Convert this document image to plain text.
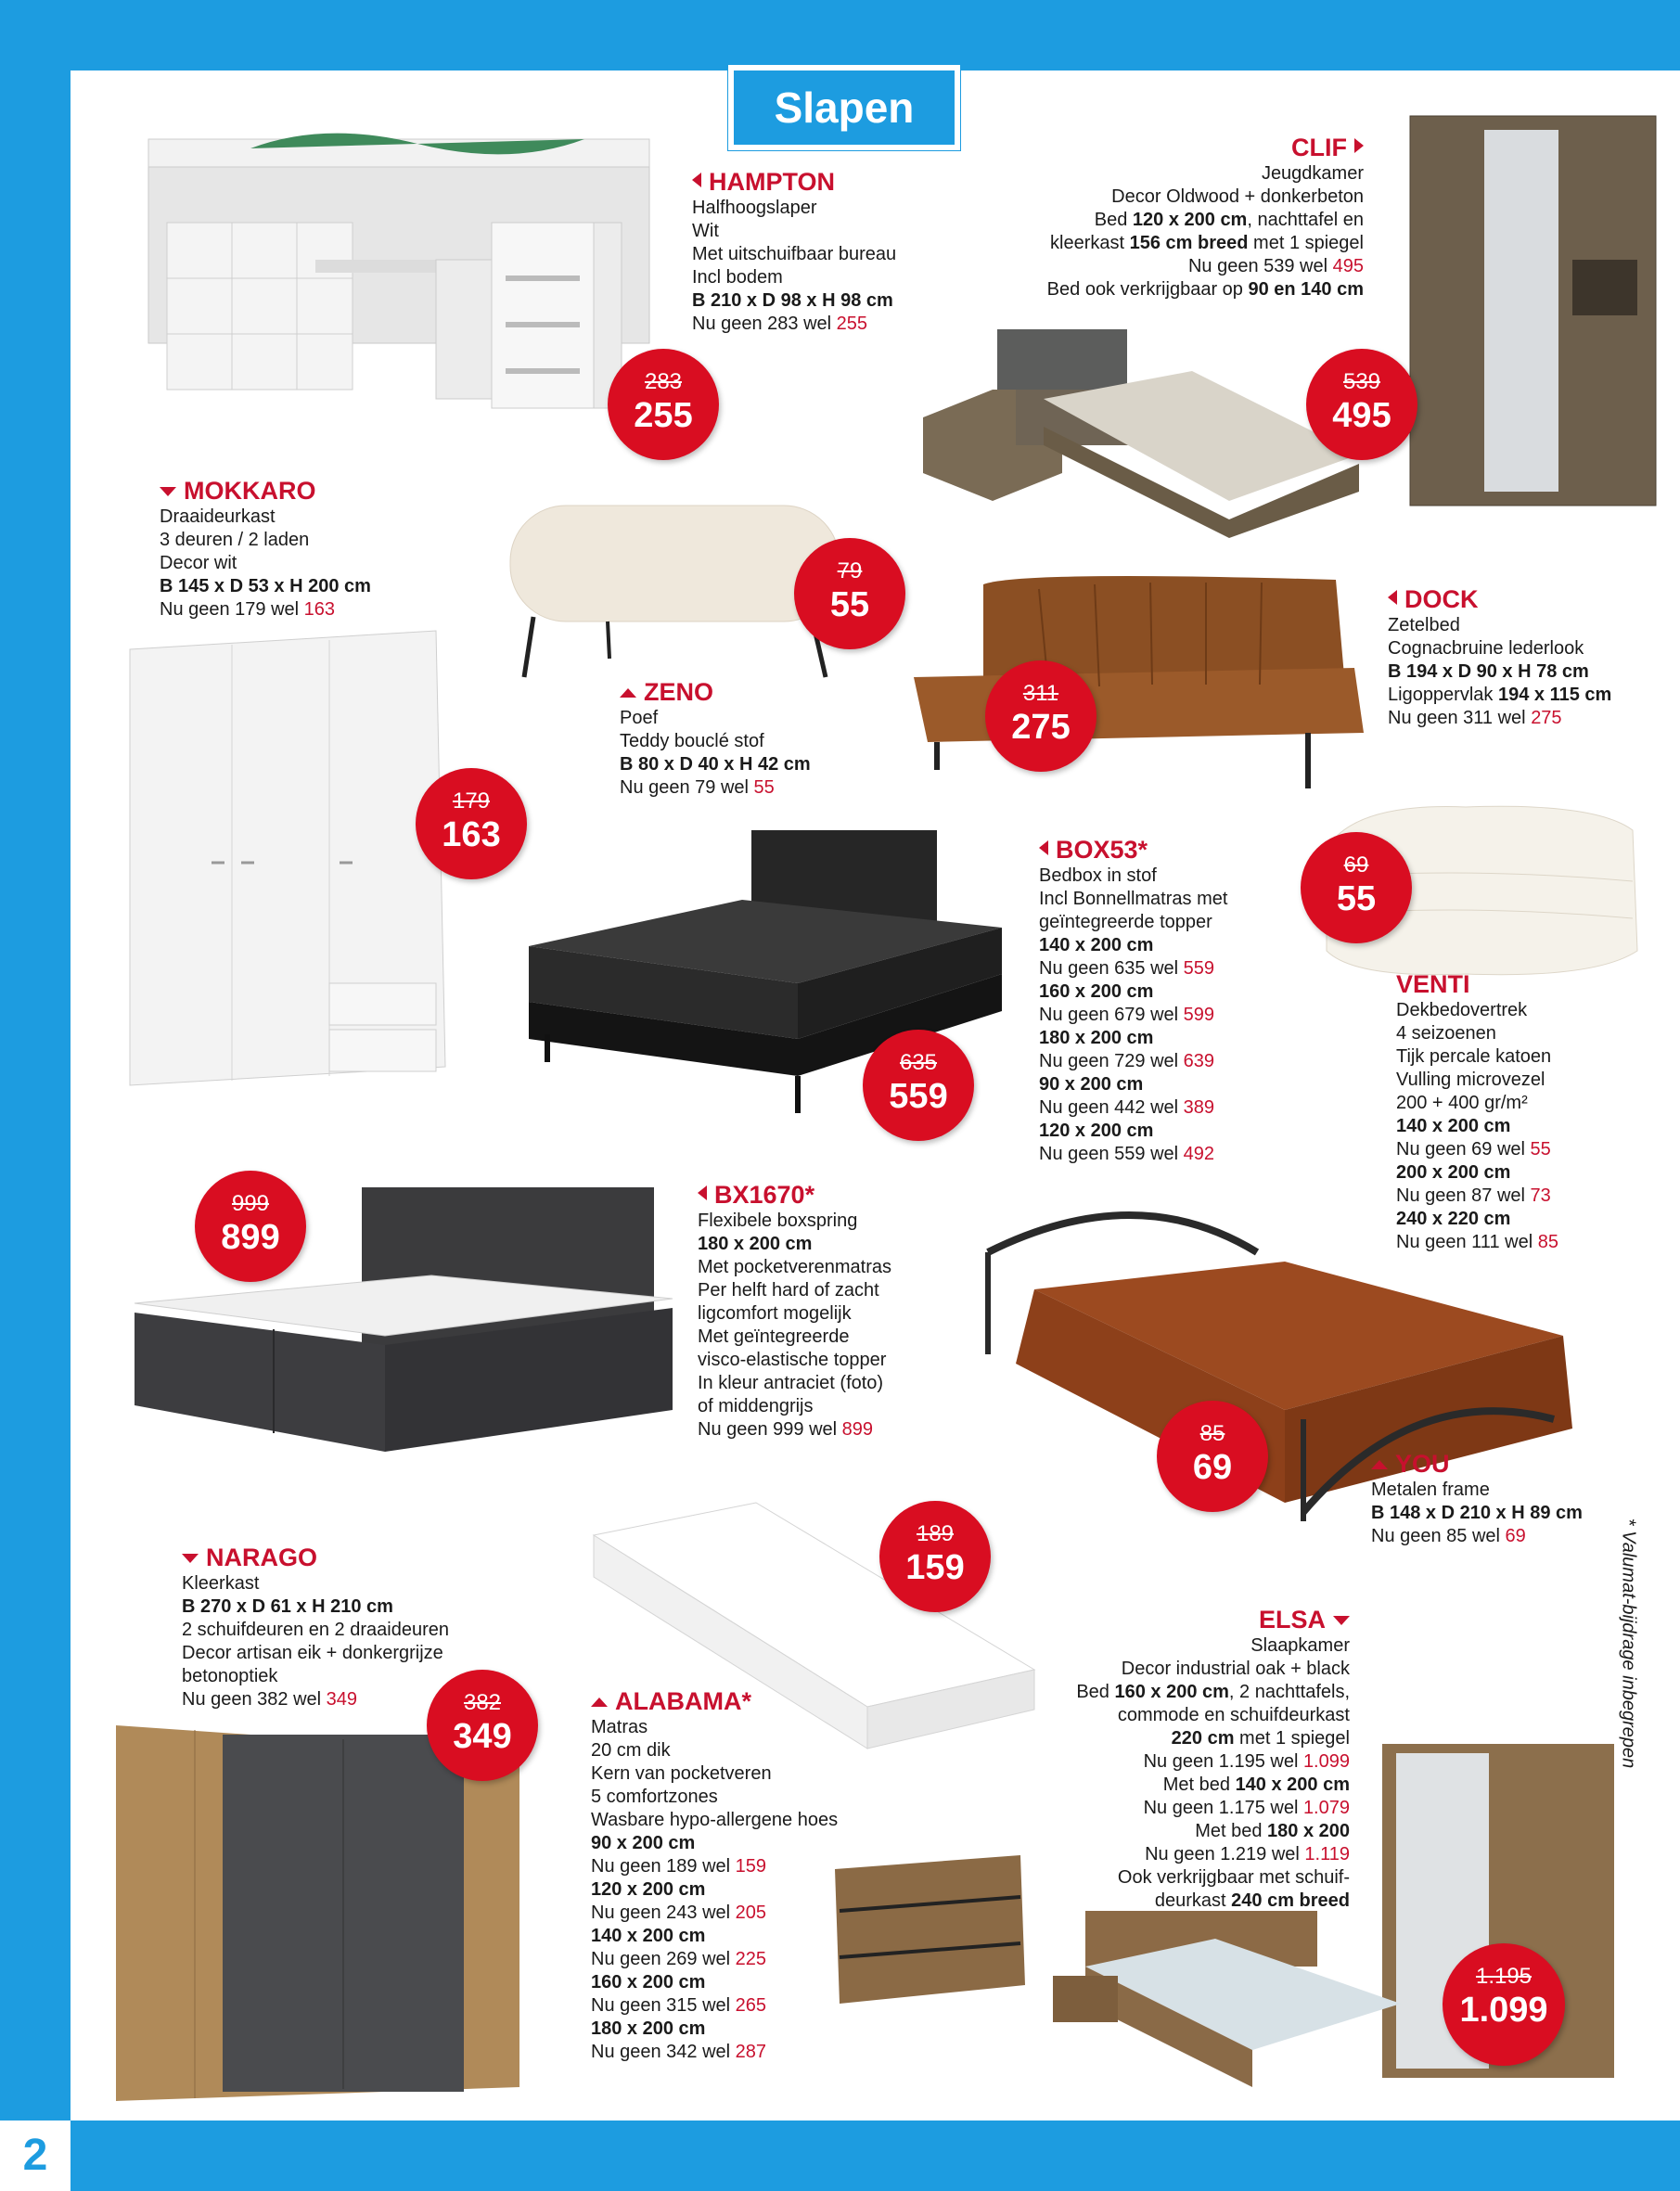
2
Slapen
HAMPTON
Halfhoogslaper
Wit
Met uitschuifbaar bureau
Incl bodem
B 210 x D 98 x H 98 cm
Nu geen 283 wel 255
283
255
CLIF
Jeugdkamer
Decor Oldwood + donkerbeton
Bed 120 x 200 cm, nachttafel en
kleerkast 156 cm breed met 1 spiegel
Nu geen 539 wel 495
Bed ook verkrijgbaar op 90 en 140 cm
539
495
MOKKARO
Draaideurkast
3 deuren / 2 laden
Decor wit
B 145 x D 53 x H 200 cm
Nu geen 179 wel 163
179
163
ZENO
Poef
Teddy bouclé stof
B 80 x D 40 x H 42 cm
Nu geen 79 wel 55
79
55	DOCK
Zetelbed
Cognacbruine lederlook
B 194 x D 90 x H 78 cm
Ligoppervlak 194 x 115 cm
Nu geen 311 wel 275
311
275
BOX53*
Bedbox in stof
Incl Bonnellmatras met
geïntegreerde topper
140 x 200 cm
Nu geen 635 wel 559
160 x 200 cm
Nu geen 679 wel 599
180 x 200 cm
Nu geen 729 wel 639
90 x 200 cm
Nu geen 442 wel 389
120 x 200 cm
Nu geen 559 wel 492
635
559
VENTI
Dekbedovertrek
4 seizoenen
Tijk percale katoen
Vulling microvezel
200 + 400 gr/m²
140 x 200 cm
Nu geen 69 wel 55
200 x 200 cm
Nu geen 87 wel 73
240 x 220 cm
Nu geen 111 wel 85
69
55
BX1670*
Flexibele boxspring
180 x 200 cm
Met pocketverenmatras
Per helft hard of zacht
ligcomfort mogelijk
Met geïntegreerde
visco-elastische topper
In kleur antraciet (foto)
of middengrijs
Nu geen 999 wel 899
999
899
YOU
Metalen frame
B 148 x D 210 x H 89 cm
Nu geen 85 wel 69
85
69
NARAGO
Kleerkast
B 270 x D 61 x H 210 cm
2 schuifdeuren en 2 draaideuren
Decor artisan eik + donkergrijze
betonoptiek
Nu geen 382 wel 349	382
349
ALABAMA*
Matras
20 cm dik
Kern van pocketveren
5 comfortzones
Wasbare hypo-allergene hoes
90 x 200 cm
Nu geen 189 wel 159
120 x 200 cm
Nu geen 243 wel 205
140 x 200 cm
Nu geen 269 wel 225
160 x 200 cm
Nu geen 315 wel 265
180 x 200 cm
Nu geen 342 wel 287
189
159
ELSA
Slaapkamer
Decor industrial oak + black
Bed 160 x 200 cm, 2 nachttafels,
commode en schuifdeurkast
220 cm met 1 spiegel
Nu geen 1.195 wel 1.099
Met bed 140 x 200 cm
Nu geen 1.175 wel 1.079
Met bed 180 x 200
Nu geen 1.219 wel 1.119
Ook verkrijgbaar met schuif-
deurkast 240 cm breed
1.195
1.099
* Valumat-bijdrage inbegrepen
